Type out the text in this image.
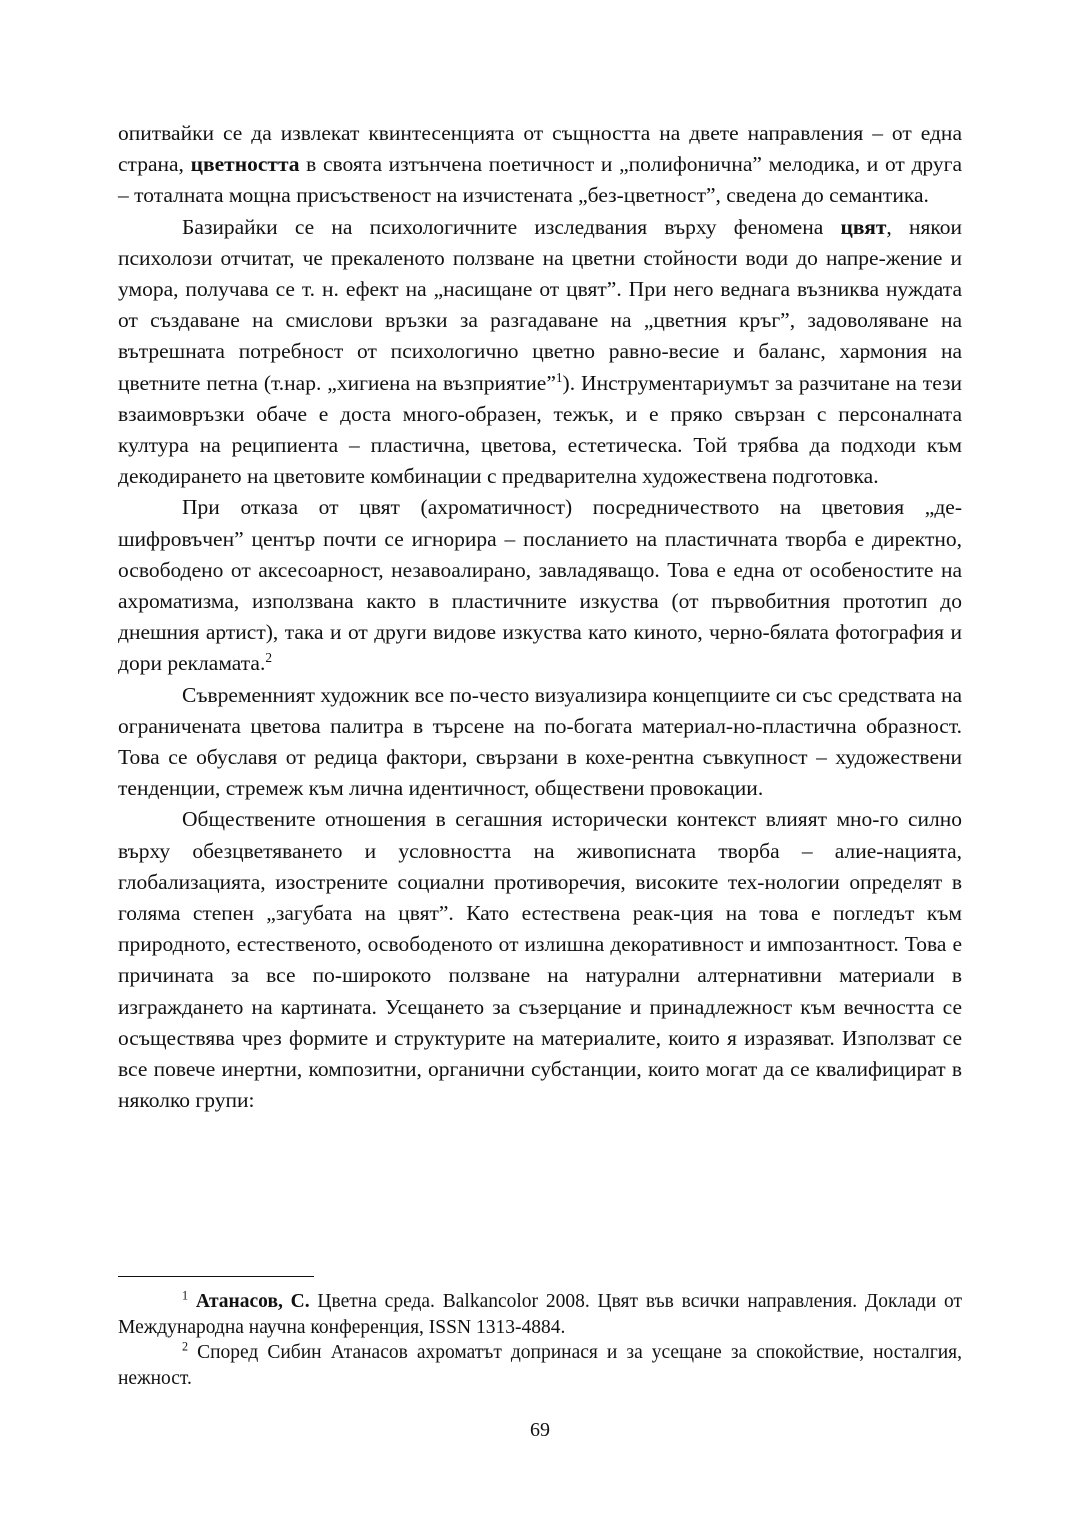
опитвайки се да извлекат квинтесенцията от същността на двете направления – от една страна, цветността в своята изтънчена поетичност и „полифонична” мелодика, и от друга – тоталната мощна присъственост на изчистената „без-цветност”, сведена до семантика.

Базирайки се на психологичните изследвания върху феномена цвят, някои психолози отчитат, че прекаленото ползване на цветни стойности води до напре-жение и умора, получава се т. н. ефект на „насищане от цвят”. При него веднага възниква нуждата от създаване на смислови връзки за разгадаване на „цветния кръг”, задоволяване на вътрешната потребност от психологично цветно равно-весие и баланс, хармония на цветните петна (т.нар. „хигиена на възприятие”$^1$). Инструментариумът за разчитане на тези взаимовръзки обаче е доста много-образен, тежък, и е пряко свързан с персоналната култура на реципиента – пластична, цветова, естетическа. Той трябва да подходи към декодирането на цветовите комбинации с предварителна художествена подготовка.

При отказа от цвят (ахроматичност) посредничеството на цветовия „де-шифровъчен” център почти се игнорира – посланието на пластичната творба е директно, освободено от аксесоарност, незавоалирано, завладяващо. Това е една от особеностите на ахроматизма, използвана както в пластичните изкуства (от първобитния прототип до днешния артист), така и от други видове изкуства като киното, черно-бялата фотография и дори рекламата.$^2$

Съвременният художник все по-често визуализира концепциите си със средствата на ограничената цветова палитра в търсене на по-богата материал-но-пластична образност. Това се обуславя от редица фактори, свързани в кохе-рентна съвкупност – художествени тенденции, стремеж към лична идентичност, обществени провокации.

Обществените отношения в сегашния исторически контекст влияят мно-го силно върху обезцветяването и условността на живописната творба – алие-нацията, глобализацията, изострените социални противоречия, високите тех-нологии определят в голяма степен „загубата на цвят”. Като естествена реак-ция на това е погледът към природното, естественото, освободеното от излишна декоративност и импозантност. Това е причината за все по-широкото ползване на натурални алтернативни материали в изграждането на картината. Усещането за съзерцание и принадлежност към вечността се осъществява чрез формите и структурите на материалите, които я изразяват. Използват се все повече инертни, композитни, органични субстанции, които могат да се квалифицират в няколко групи:

$^1$ Атанасов, С. Цветна среда. Balkancolor 2008. Цвят във всички направления. Доклади от Международна научна конференция, ISSN 1313-4884.

$^2$ Според Сибин Атанасов ахроматът допринася и за усещане за спокойствие, носталгия, нежност.

69
